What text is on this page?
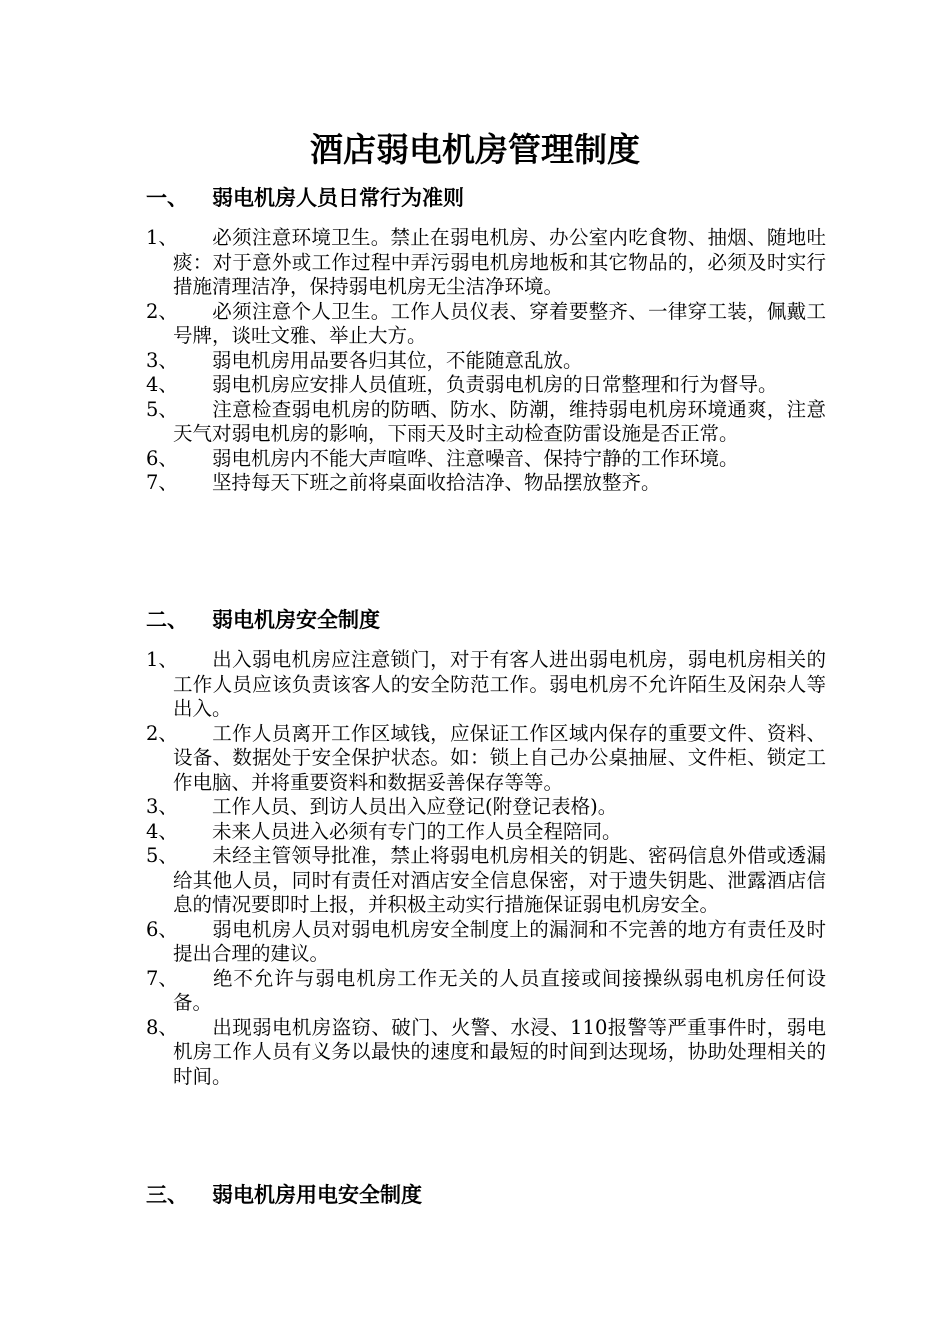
酒店弱电机房管理制度
一、 弱电机房人员日常行为准则
1、 必须注意环境卫生。禁止在弱电机房、办公室内吃食物、抽烟、随地吐痰：对于意外或工作过程中弄污弱电机房地板和其它物品的，必须及时实行措施清理洁净，保持弱电机房无尘洁净环境。
2、 必须注意个人卫生。工作人员仪表、穿着要整齐、一律穿工装，佩戴工号牌，谈吐文雅、举止大方。
3、 弱电机房用品要各归其位，不能随意乱放。
4、 弱电机房应安排人员值班，负责弱电机房的日常整理和行为督导。
5、 注意检查弱电机房的防晒、防水、防潮，维持弱电机房环境通爽，注意天气对弱电机房的影响，下雨天及时主动检查防雷设施是否正常。
6、 弱电机房内不能大声喧哗、注意噪音、保持宁静的工作环境。
7、 坚持每天下班之前将桌面收拾洁净、物品摆放整齐。
二、 弱电机房安全制度
1、 出入弱电机房应注意锁门，对于有客人进出弱电机房，弱电机房相关的工作人员应该负责该客人的安全防范工作。弱电机房不允许陌生及闲杂人等出入。
2、 工作人员离开工作区域钱，应保证工作区域内保存的重要文件、资料、设备、数据处于安全保护状态。如：锁上自己办公桌抽屉、文件柜、锁定工作电脑、并将重要资料和数据妥善保存等等。
3、 工作人员、到访人员出入应登记(附登记表格)。
4、 未来人员进入必须有专门的工作人员全程陪同。
5、 未经主管领导批准，禁止将弱电机房相关的钥匙、密码信息外借或透漏给其他人员，同时有责任对酒店安全信息保密，对于遗失钥匙、泄露酒店信息的情况要即时上报，并积极主动实行措施保证弱电机房安全。
6、 弱电机房人员对弱电机房安全制度上的漏洞和不完善的地方有责任及时提出合理的建议。
7、 绝不允许与弱电机房工作无关的人员直接或间接操纵弱电机房任何设备。
8、 出现弱电机房盗窃、破门、火警、水浸、110报警等严重事件时，弱电机房工作人员有义务以最快的速度和最短的时间到达现场，协助处理相关的时间。
三、 弱电机房用电安全制度
